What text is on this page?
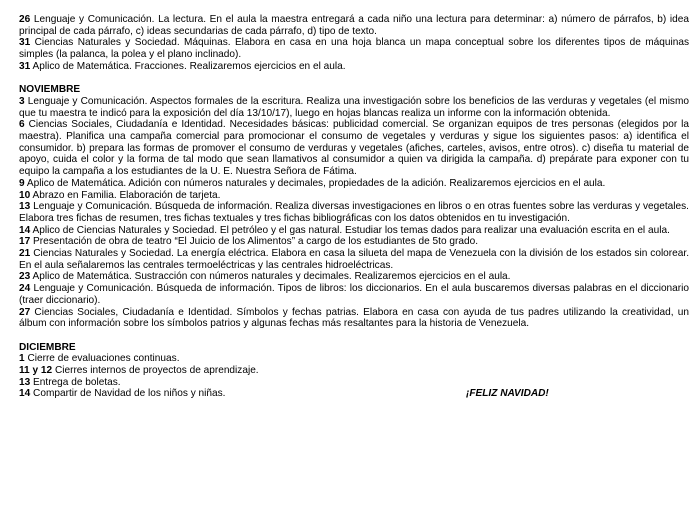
26 Lenguaje y Comunicación. La lectura. En el aula la maestra entregará a cada niño una lectura para determinar: a) número de párrafos, b) idea principal de cada párrafo, c) ideas secundarias de cada párrafo, d) tipo de texto.

31 Ciencias Naturales y Sociedad. Máquinas. Elabora en casa en una hoja blanca un mapa conceptual sobre los diferentes tipos de máquinas simples (la palanca, la polea y el plano inclinado).

31 Aplico de Matemática. Fracciones. Realizaremos ejercicios en el aula.

NOVIEMBRE

3 Lenguaje y Comunicación. Aspectos formales de la escritura. Realiza una investigación sobre los beneficios de las verduras y vegetales (el mismo que tu maestra te indicó para la exposición del día 13/10/17), luego en hojas blancas realiza un informe con la información obtenida.

6 Ciencias Sociales, Ciudadanía e Identidad. Necesidades básicas: publicidad comercial. Se organizan equipos de tres personas (elegidos por la maestra). Planifica una campaña comercial para promocionar el consumo de vegetales y verduras y sigue los siguientes pasos: a) identifica el consumidor. b) prepara las formas de promover el consumo de verduras y vegetales (afiches, carteles, avisos, entre otros). c) diseña tu material de apoyo, cuida el color y la forma de tal modo que sean llamativos al consumidor a quien va dirigida la campaña. d) prepárate para exponer con tu equipo la campaña a los estudiantes de la U. E. Nuestra Señora de Fátima.

9 Aplico de Matemática. Adición con números naturales y decimales, propiedades de la adición. Realizaremos ejercicios en el aula.

10 Abrazo en Familia. Elaboración de tarjeta.

13 Lenguaje y Comunicación. Búsqueda de información. Realiza diversas investigaciones en libros o en otras fuentes sobre las verduras y vegetales. Elabora tres fichas de resumen, tres fichas textuales y tres fichas bibliográficas con los datos obtenidos en tu investigación.

14 Aplico de Ciencias Naturales y Sociedad. El petróleo y el gas natural. Estudiar los temas dados para realizar una evaluación escrita en el aula.

17 Presentación de obra de teatro “El Juicio de los Alimentos” a cargo de los estudiantes de 5to grado.

21 Ciencias Naturales y Sociedad. La energía eléctrica. Elabora en casa la silueta del mapa de Venezuela con la división de los estados sin colorear. En el aula señalaremos las centrales termoeléctricas y las centrales hidroeléctricas.

23 Aplico de Matemática. Sustracción con números naturales y decimales. Realizaremos ejercicios en el aula.

24 Lenguaje y Comunicación. Búsqueda de información. Tipos de libros: los diccionarios. En el aula buscaremos diversas palabras en el diccionario (traer diccionario).

27 Ciencias Sociales, Ciudadanía e Identidad. Símbolos y fechas patrias. Elabora en casa con ayuda de tus padres utilizando la creatividad, un álbum con información sobre los símbolos patrios y algunas fechas más resaltantes para la historia de Venezuela.

DICIEMBRE

1 Cierre de evaluaciones continuas.

11 y 12 Cierres internos de proyectos de aprendizaje.

13 Entrega de boletas.

14 Compartir de Navidad de los niños y niñas.	¡FELIZ NAVIDAD!
